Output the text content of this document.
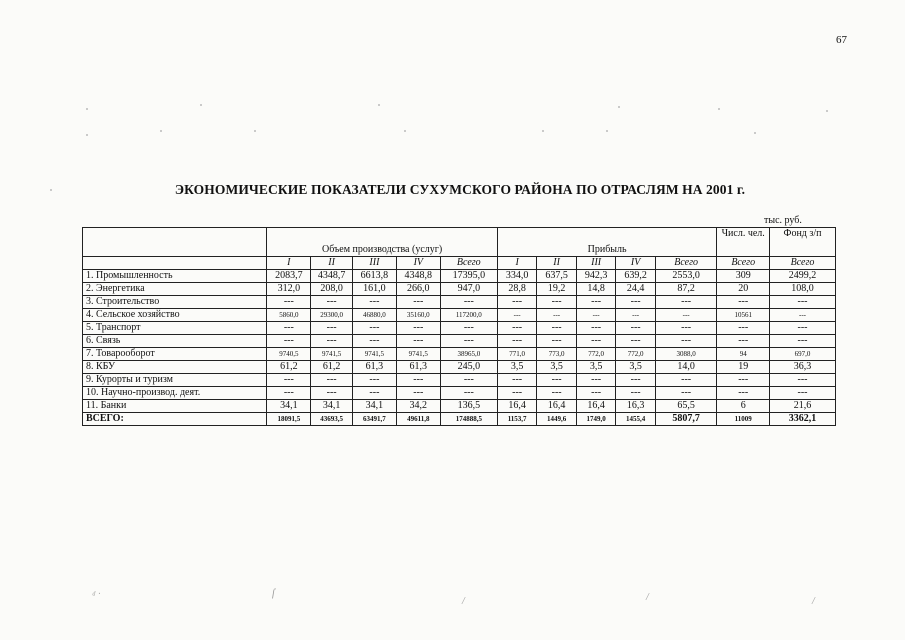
67
ᵈ ˑ	ſ
/	/	/
ЭКОНОМИЧЕСКИЕ ПОКАЗАТЕЛИ СУХУМСКОГО РАЙОНА ПО ОТРАСЛЯМ НА 2001 г.
тыс. руб.
	Объем производства (услуг)					Прибыль					Числ. чел.	Фонд з/п
	I	II	III	IV	Всего	I	II	III	IV	Всего	Всего	Всего
1. Промышленность	2083,7	4348,7	6613,8	4348,8	17395,0	334,0	637,5	942,3	639,2	2553,0	309	2499,2
2. Энергетика	312,0	208,0	161,0	266,0	947,0	28,8	19,2	14,8	24,4	87,2	20	108,0
3. Строительство	---	---	---	---	---	---	---	---	---	---	---	---
4. Сельское хозяйство	5860,0	29300,0	46880,0	35160,0	117200,0	---	---	---	---	---	10561	---
5. Транспорт	---	---	---	---	---	---	---	---	---	---	---	---
6. Связь	---	---	---	---	---	---	---	---	---	---	---	---
7. Товарооборот	9740,5	9741,5	9741,5	9741,5	38965,0	771,0	773,0	772,0	772,0	3088,0	94	697,0
8. КБУ	61,2	61,2	61,3	61,3	245,0	3,5	3,5	3,5	3,5	14,0	19	36,3
9. Курорты и туризм	---	---	---	---	---	---	---	---	---	---	---	---
10. Научно-производ. деят.	---	---	---	---	---	---	---	---	---	---	---	---
11. Банки	34,1	34,1	34,1	34,2	136,5	16,4	16,4	16,4	16,3	65,5	6	21,6
ВСЕГО:	18091,5	43693,5	63491,7	49611,8	174888,5	1153,7	1449,6	1749,0	1455,4	5807,7	11009	3362,1
